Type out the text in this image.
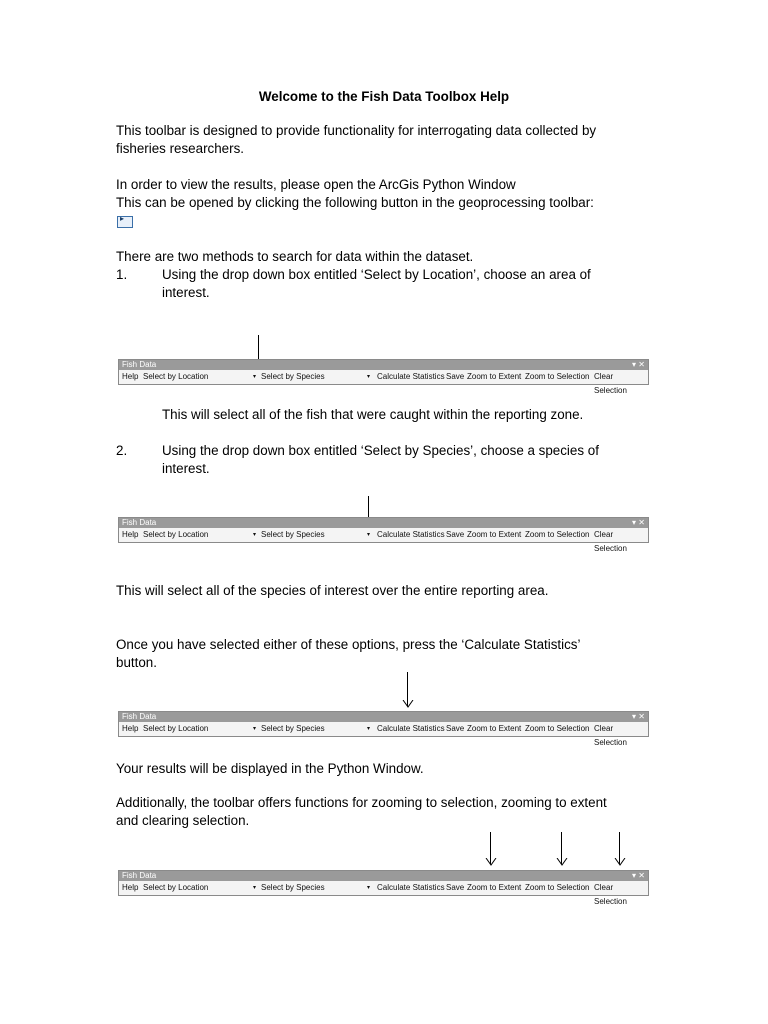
Welcome to the Fish Data Toolbox Help
This toolbar is designed to provide functionality for interrogating data collected by
fisheries researchers.
In order to view the results, please open the ArcGis Python Window
This can be opened by clicking the following button in the geoprocessing toolbar:
▸
There are two methods to search for data within the dataset.
1.	Using the drop down box entitled ‘Select by Location’, choose an area of
interest.
Fish Data	▾ ✕
Help Select by Location	▾ Select by Species	▾ Calculate Statistics Save Zoom to Extent Zoom to Selection Clear Selection
This will select all of the fish that were caught within the reporting zone.
2.	Using the drop down box entitled ‘Select by Species’, choose a species of
interest.
Fish Data	▾ ✕
Help Select by Location	▾ Select by Species	▾ Calculate Statistics Save Zoom to Extent Zoom to Selection Clear Selection
This will select all of the species of interest over the entire reporting area.
Once you have selected either of these options, press the ‘Calculate Statistics’
button.
Fish Data	▾ ✕
Help Select by Location	▾ Select by Species	▾ Calculate Statistics Save Zoom to Extent Zoom to Selection Clear Selection
Your results will be displayed in the Python Window.
Additionally, the toolbar offers functions for zooming to selection, zooming to extent
and clearing selection.
Fish Data	▾ ✕
Help Select by Location	▾ Select by Species	▾ Calculate Statistics Save Zoom to Extent Zoom to Selection Clear Selection
